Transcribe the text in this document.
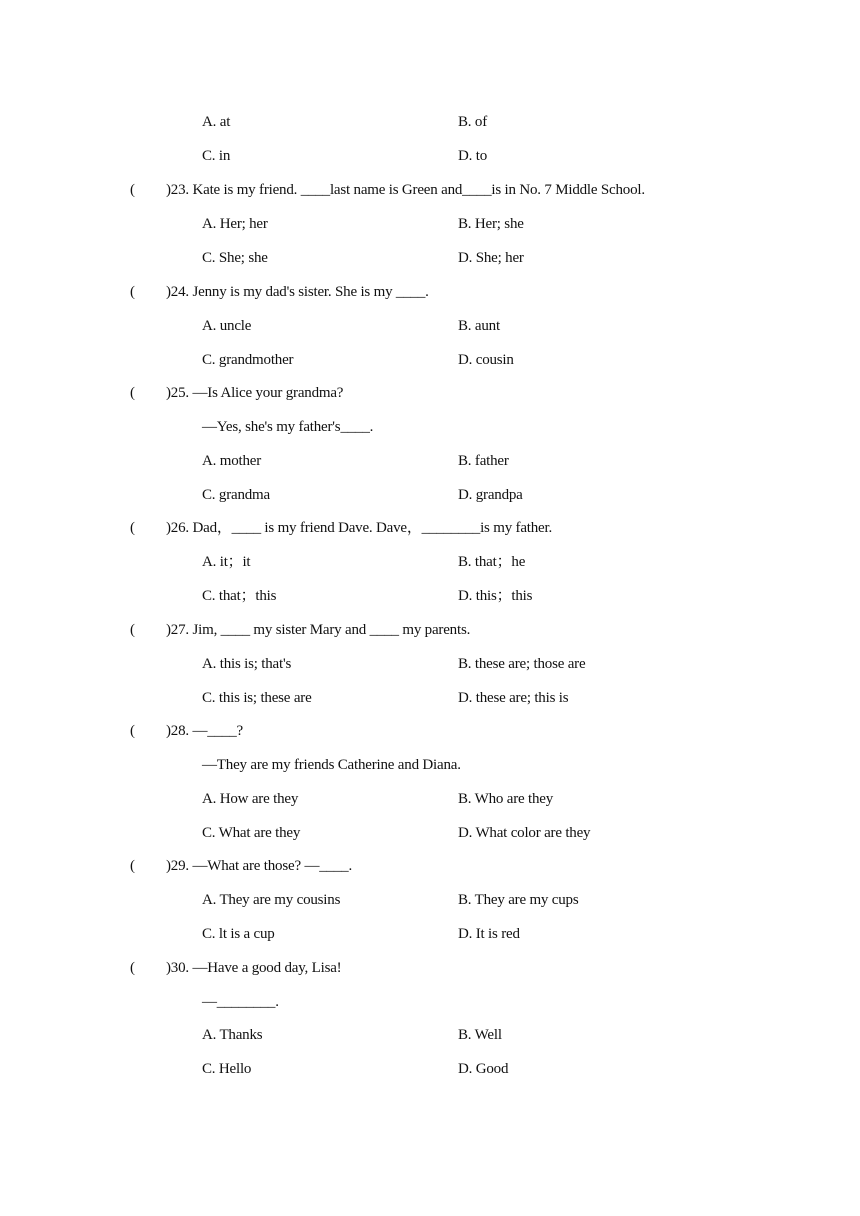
A. at	B. of
C. in	D. to
( )23. Kate is my friend. ____last name is Green and____is in No. 7 Middle School.
A. Her; her	B. Her; she
C. She; she	D. She; her
( )24. Jenny is my dad's sister. She is my ____.
A. uncle	B. aunt
C. grandmother	D. cousin
( )25. —Is Alice your grandma?
—Yes, she's my father's____.
A. mother	B. father
C. grandma	D. grandpa
( )26. Dad，____ is my friend Dave. Dave，________is my father.
A. it；it	B. that；he
C. that；this	D. this；this
( )27. Jim, ____ my sister Mary and ____ my parents.
A. this is; that's	B. these are; those are
C. this is; these are	D. these are; this is
( )28. —____?
—They are my friends Catherine and Diana.
A. How are they	B. Who are they
C. What are they	D. What color are they
( )29. —What are those? —____.
A. They are my cousins	B. They are my cups
C. lt is a cup	D. It is red
( )30. —Have a good day, Lisa!
—________.
A. Thanks	B. Well
C. Hello	D. Good
